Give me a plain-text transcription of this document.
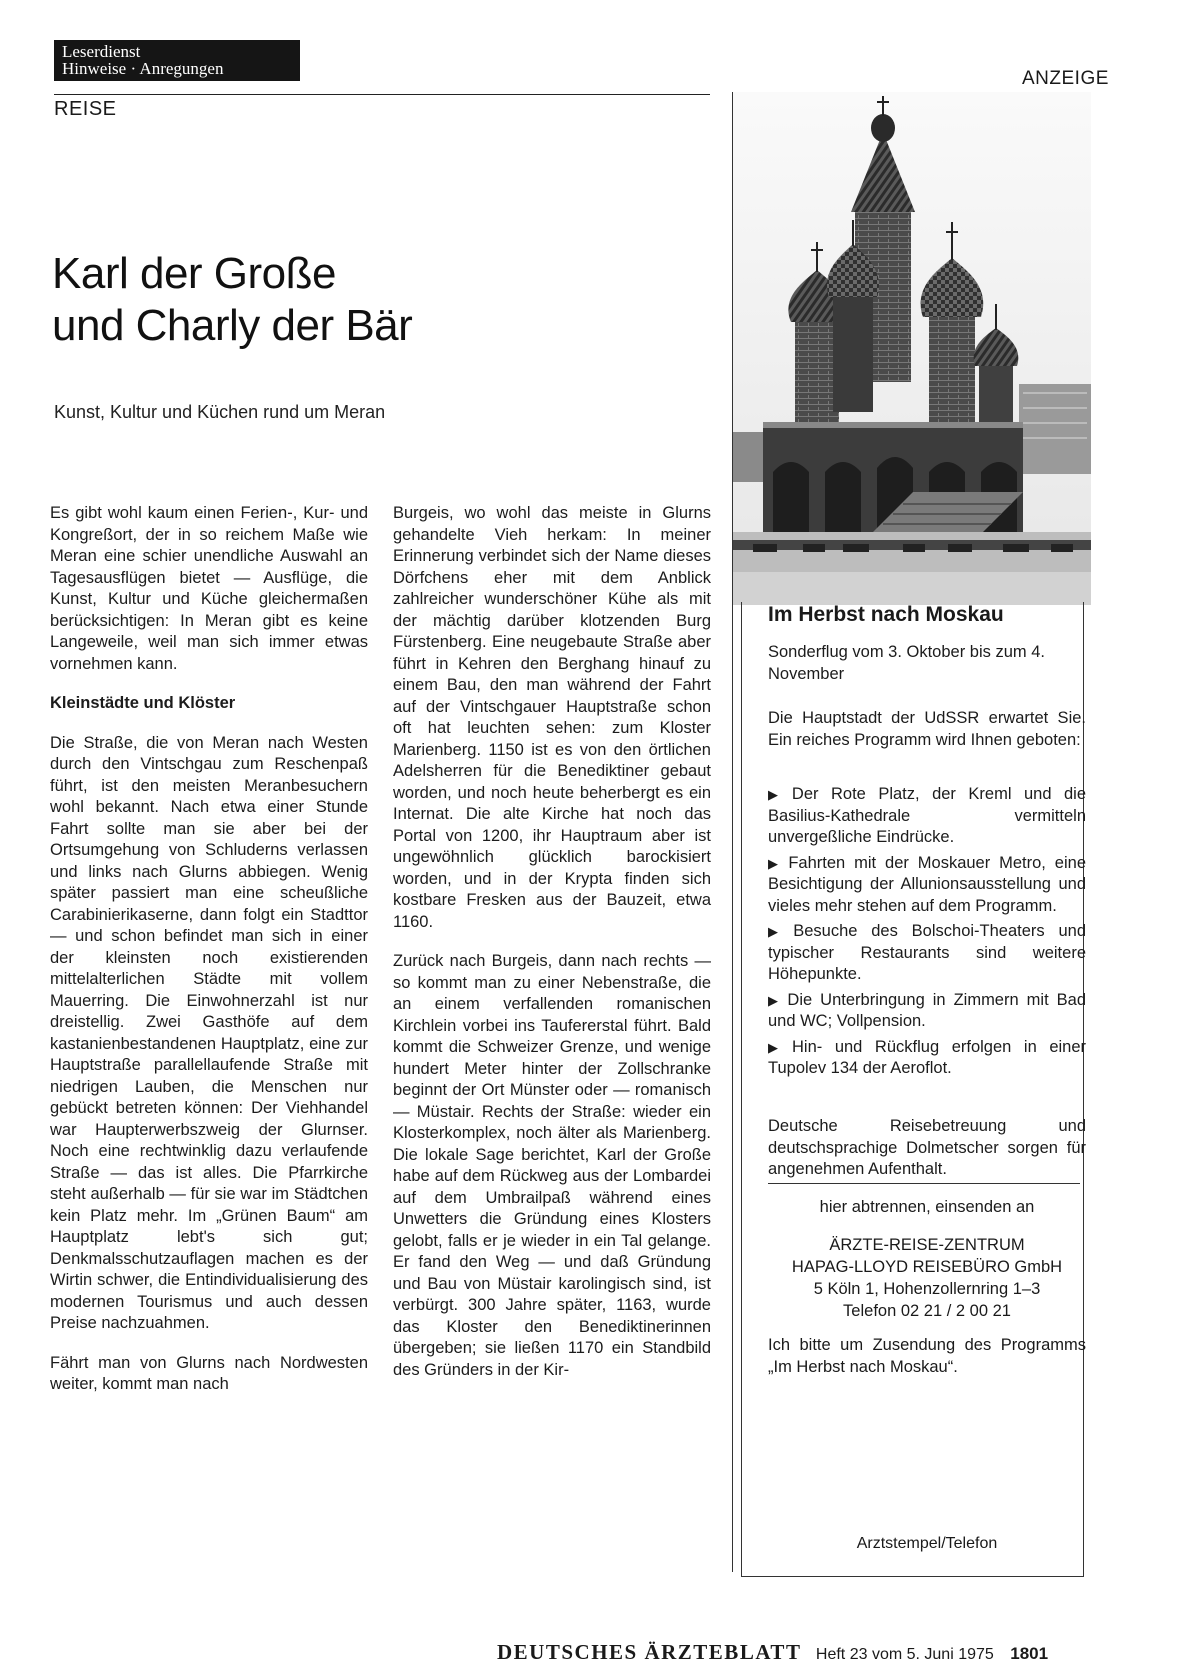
Leserdienst
Hinweise · Anregungen
REISE
ANZEIGE
Karl der Große
und Charly der Bär
Kunst, Kultur und Küchen rund um Meran

Es gibt wohl kaum einen Ferien-, Kur- und Kongreßort, der in so reichem Maße wie Meran eine schier unendliche Auswahl an Tagesausflügen bietet — Ausflüge, die Kunst, Kultur und Küche gleichermaßen berücksichtigen: In Meran gibt es keine Langeweile, weil man sich immer etwas vornehmen kann.

Kleinstädte und Klöster

Die Straße, die von Meran nach Westen durch den Vintschgau zum Reschenpaß führt, ist den meisten Meranbesuchern wohl bekannt. Nach etwa einer Stunde Fahrt sollte man sie aber bei der Ortsumgehung von Schluderns verlassen und links nach Glurns abbiegen. Wenig später passiert man eine scheußliche Carabinierikaserne, dann folgt ein Stadttor — und schon befindet man sich in einer der kleinsten noch existierenden mittelalterlichen Städte mit vollem Mauerring. Die Einwohnerzahl ist nur dreistellig. Zwei Gasthöfe auf dem kastanienbestandenen Hauptplatz, eine zur Hauptstraße parallellaufende Straße mit niedrigen Lauben, die Menschen nur gebückt betreten können: Der Viehhandel war Haupterwerbszweig der Glurnser. Noch eine rechtwinklig dazu verlaufende Straße — das ist alles. Die Pfarrkirche steht außerhalb — für sie war im Städtchen kein Platz mehr. Im „Grünen Baum“ am Hauptplatz lebt's sich gut; Denkmalsschutzauflagen machen es der Wirtin schwer, die Entindividualisierung des modernen Tourismus und auch dessen Preise nachzuahmen.

Fährt man von Glurns nach Nordwesten weiter, kommt man nach

Burgeis, wo wohl das meiste in Glurns gehandelte Vieh herkam: In meiner Erinnerung verbindet sich der Name dieses Dörfchens eher mit dem Anblick zahlreicher wunderschöner Kühe als mit der mächtig darüber klotzenden Burg Fürstenberg. Eine neugebaute Straße aber führt in Kehren den Berghang hinauf zu einem Bau, den man während der Fahrt auf der Vintschgauer Hauptstraße schon oft hat leuchten sehen: zum Kloster Marienberg. 1150 ist es von den örtlichen Adelsherren für die Benediktiner gebaut worden, und noch heute beherbergt es ein Internat. Die alte Kirche hat noch das Portal von 1200, ihr Hauptraum aber ist ungewöhnlich glücklich barockisiert worden, und in der Krypta finden sich kostbare Fresken aus der Bauzeit, etwa 1160.

Zurück nach Burgeis, dann nach rechts — so kommt man zu einer Nebenstraße, die an einem verfallenden romanischen Kirchlein vorbei ins Taufererstal führt. Bald kommt die Schweizer Grenze, und wenige hundert Meter hinter der Zollschranke beginnt der Ort Münster oder — romanisch — Müstair. Rechts der Straße: wieder ein Klosterkomplex, noch älter als Marienberg. Die lokale Sage berichtet, Karl der Große habe auf dem Rückweg aus der Lombardei auf dem Umbrailpaß während eines Unwetters die Gründung eines Klosters gelobt, falls er je wieder in ein Tal gelange. Er fand den Weg — und daß Gründung und Bau von Müstair karolingisch sind, ist verbürgt. 300 Jahre später, 1163, wurde das Kloster den Benediktinerinnen übergeben; sie ließen 1170 ein Standbild des Gründers in der Kir-

Im Herbst nach Moskau
Sonderflug vom 3. Oktober bis zum 4. November
Die Hauptstadt der UdSSR erwartet Sie. Ein reiches Programm wird Ihnen geboten:
▶ Der Rote Platz, der Kreml und die Basilius-Kathedrale vermitteln unvergeßliche Eindrücke.
▶ Fahrten mit der Moskauer Metro, eine Besichtigung der Allunionsausstellung und vieles mehr stehen auf dem Programm.
▶ Besuche des Bolschoi-Theaters und typischer Restaurants sind weitere Höhepunkte.
▶ Die Unterbringung in Zimmern mit Bad und WC; Vollpension.
▶ Hin- und Rückflug erfolgen in einer Tupolev 134 der Aeroflot.
Deutsche Reisebetreuung und deutschsprachige Dolmetscher sorgen für angenehmen Aufenthalt.
hier abtrennen, einsenden an
ÄRZTE-REISE-ZENTRUM
HAPAG-LLOYD REISEBÜRO GmbH
5 Köln 1, Hohenzollernring 1–3
Telefon 02 21 / 2 00 21
Ich bitte um Zusendung des Programms „Im Herbst nach Moskau“.
Arztstempel/Telefon
DEUTSCHES ÄRZTEBLATT Heft 23 vom 5. Juni 1975 1801
